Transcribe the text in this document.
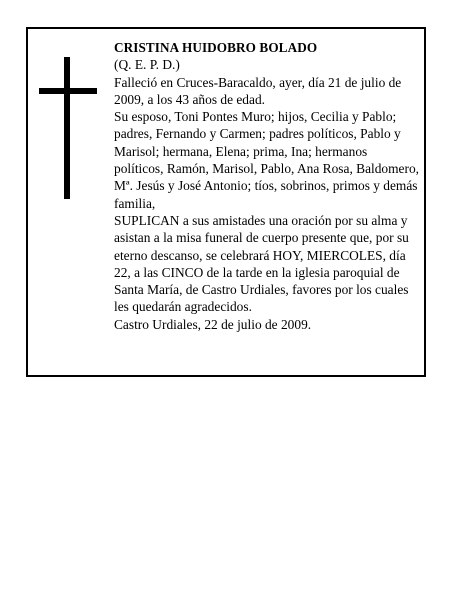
CRISTINA HUIDOBRO BOLADO

(Q. E. P. D.)

Falleció en Cruces-Baracaldo, ayer, día 21 de julio de 2009, a los 43 años de edad.

Su esposo, Toni Pontes Muro; hijos, Cecilia y Pablo; padres, Fernando y Carmen; padres políticos, Pablo y Marisol; hermana, Elena; prima, Ina; hermanos políticos, Ramón, Marisol, Pablo, Ana Rosa, Baldomero, Mª. Jesús y José Antonio; tíos, sobrinos, primos y demás familia,

SUPLICAN a sus amistades una oración por su alma y asistan a la misa funeral de cuerpo presente que, por su eterno descanso, se celebrará HOY, MIERCOLES, día 22, a las CINCO de la tarde en la iglesia paroquial de Santa María, de Castro Urdiales, favores por los cuales les quedarán agradecidos.

Castro Urdiales, 22 de julio de 2009.
